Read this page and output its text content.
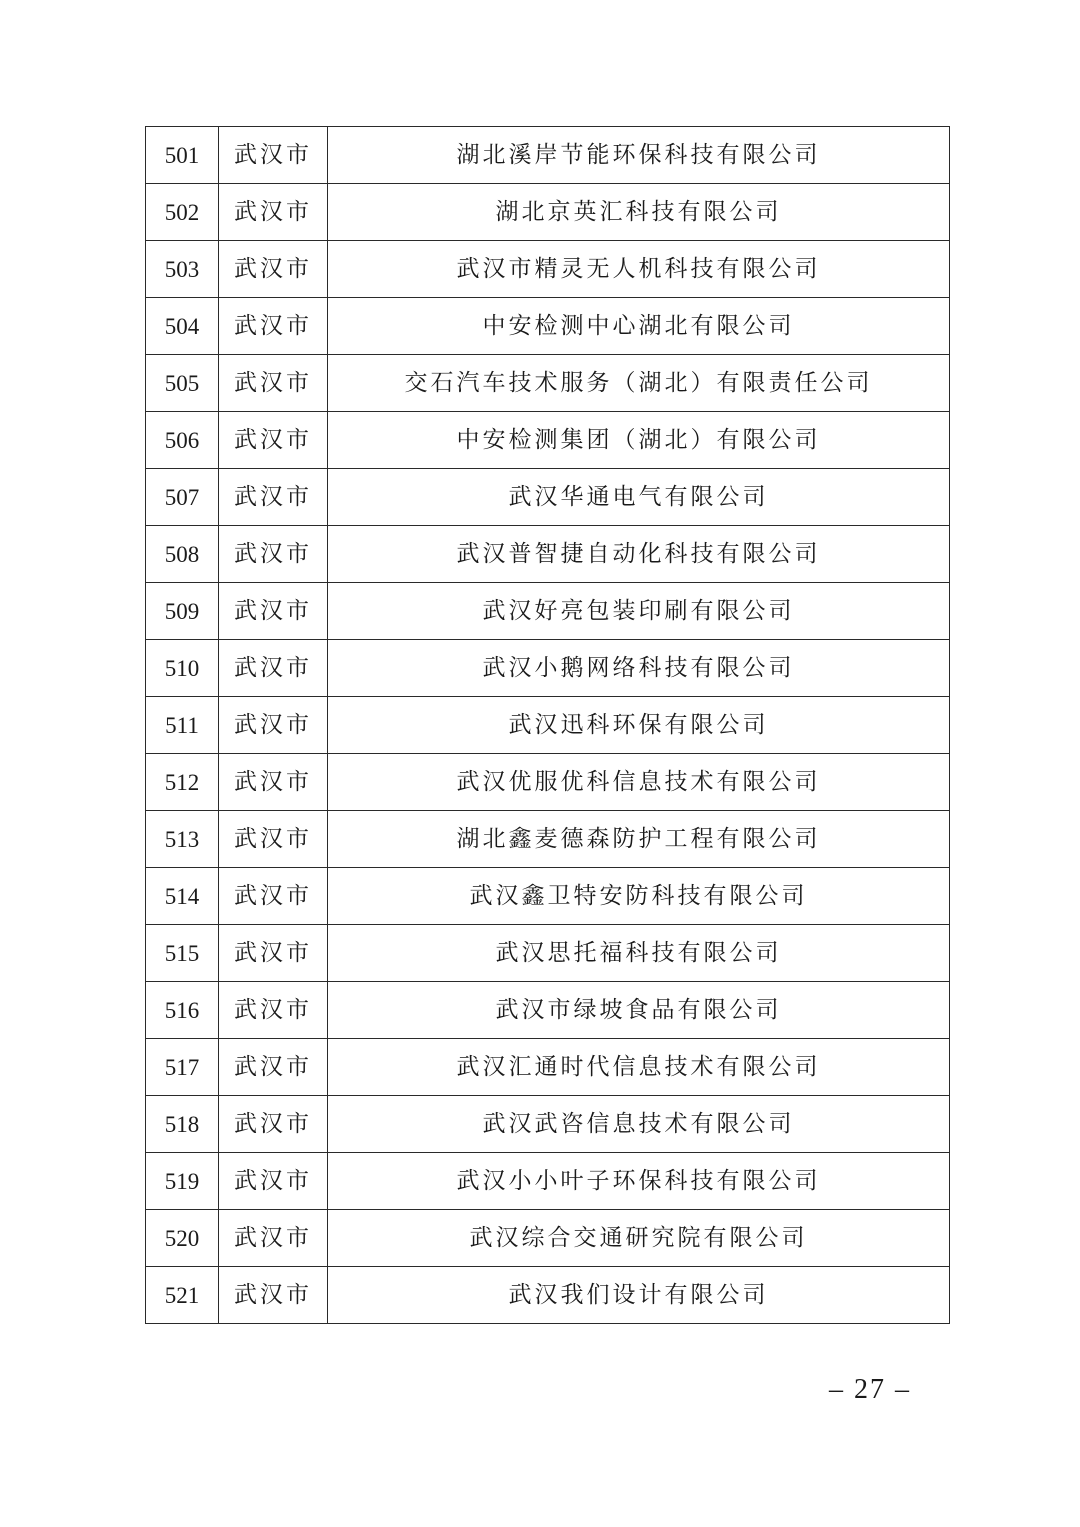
501	武汉市	湖北溪岸节能环保科技有限公司
502	武汉市	湖北京英汇科技有限公司
503	武汉市	武汉市精灵无人机科技有限公司
504	武汉市	中安检测中心湖北有限公司
505	武汉市	交石汽车技术服务（湖北）有限责任公司
506	武汉市	中安检测集团（湖北）有限公司
507	武汉市	武汉华通电气有限公司
508	武汉市	武汉普智捷自动化科技有限公司
509	武汉市	武汉好亮包装印刷有限公司
510	武汉市	武汉小鹅网络科技有限公司
511	武汉市	武汉迅科环保有限公司
512	武汉市	武汉优服优科信息技术有限公司
513	武汉市	湖北鑫麦德森防护工程有限公司
514	武汉市	武汉鑫卫特安防科技有限公司
515	武汉市	武汉思托福科技有限公司
516	武汉市	武汉市绿坡食品有限公司
517	武汉市	武汉汇通时代信息技术有限公司
518	武汉市	武汉武咨信息技术有限公司
519	武汉市	武汉小小叶子环保科技有限公司
520	武汉市	武汉综合交通研究院有限公司
521	武汉市	武汉我们设计有限公司
– 27 –
